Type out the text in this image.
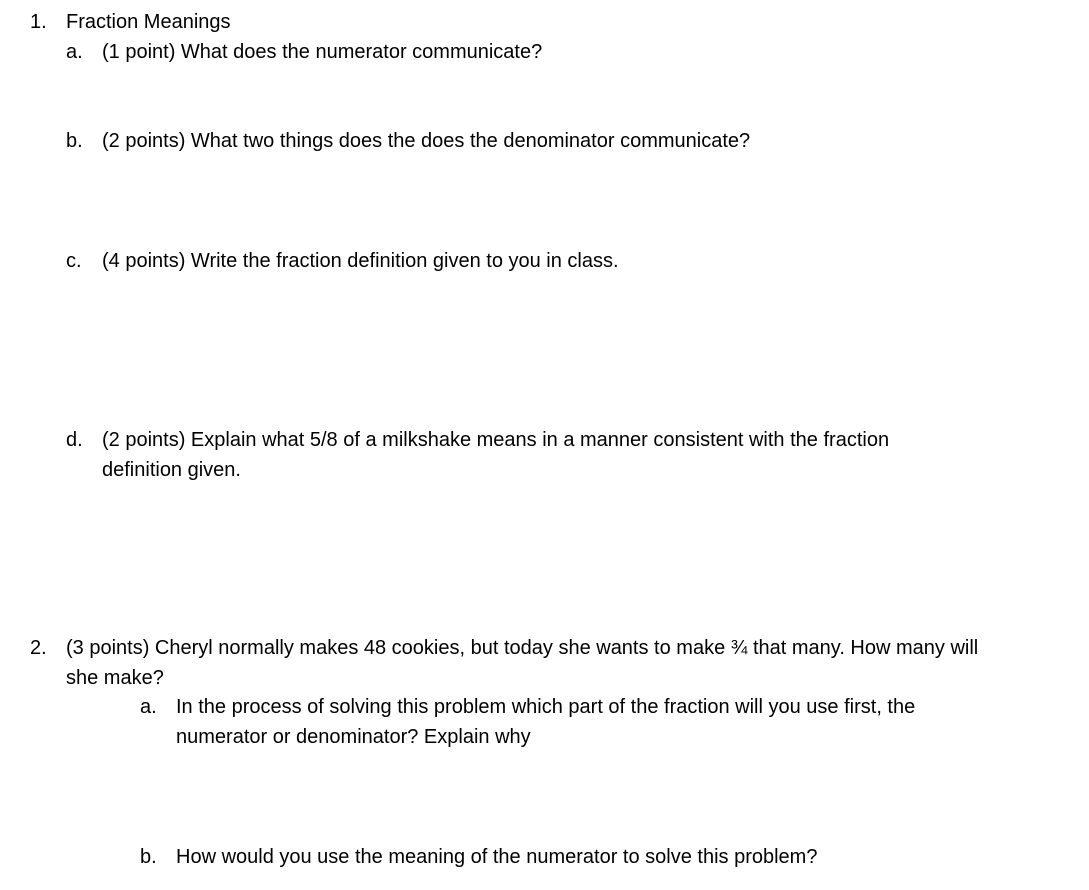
1. Fraction Meanings
a. (1 point) What does the numerator communicate?
b. (2 points) What two things does the does the denominator communicate?
c. (4 points) Write the fraction definition given to you in class.
d. (2 points) Explain what 5/8 of a milkshake means in a manner consistent with the fraction
definition given.
2. (3 points) Cheryl normally makes 48 cookies, but today she wants to make ¾ that many. How many will
she make?
a. In the process of solving this problem which part of the fraction will you use first, the
numerator or denominator? Explain why
b. How would you use the meaning of the numerator to solve this problem?
